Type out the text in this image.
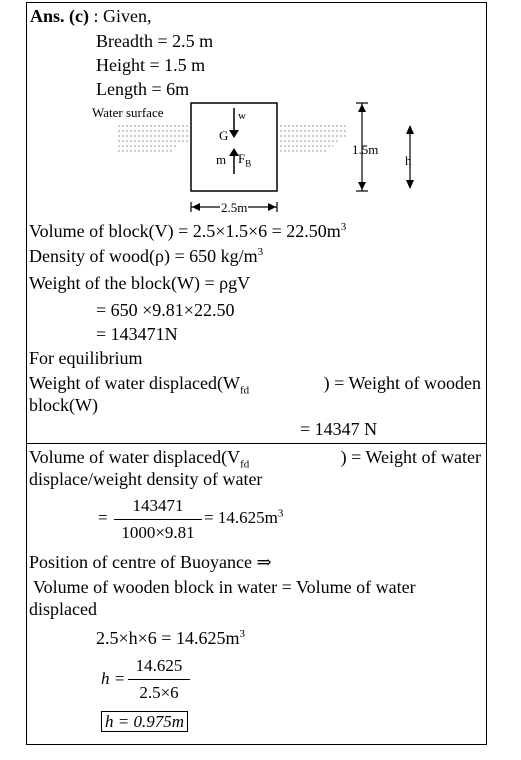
Ans. (c) : Given,
Breadth = 2.5 m
Height = 1.5 m
Length = 6m
Water surface	w
G
m $F_B$
1.5m
h
2.5m
Volume of block(V) = $2.5\times 1.5\times 6 = 22.50m^3$
Density of wood(ρ) = 650 $kg/m^3$
Weight of the block(W) = ρgV
= 650 ×9.81×22.50
= 143471N
For equilibrium
Weight of water $displaced(W_{fd}$	) = Weight of wooden
block(W)
= 14347 N
Volume of water $displaced(V_{fd}$	) = Weight of water
displace/weight density of water
=
143471
1000×9.81
= $14.625m^3$
Position of centre of Buoyance ⇒
Volume of wooden block in water = Volume of water
displaced
$2.5\times h\times 6 = 14.625m^3$
h =
14.625
2.5×6
h = 0.975m
